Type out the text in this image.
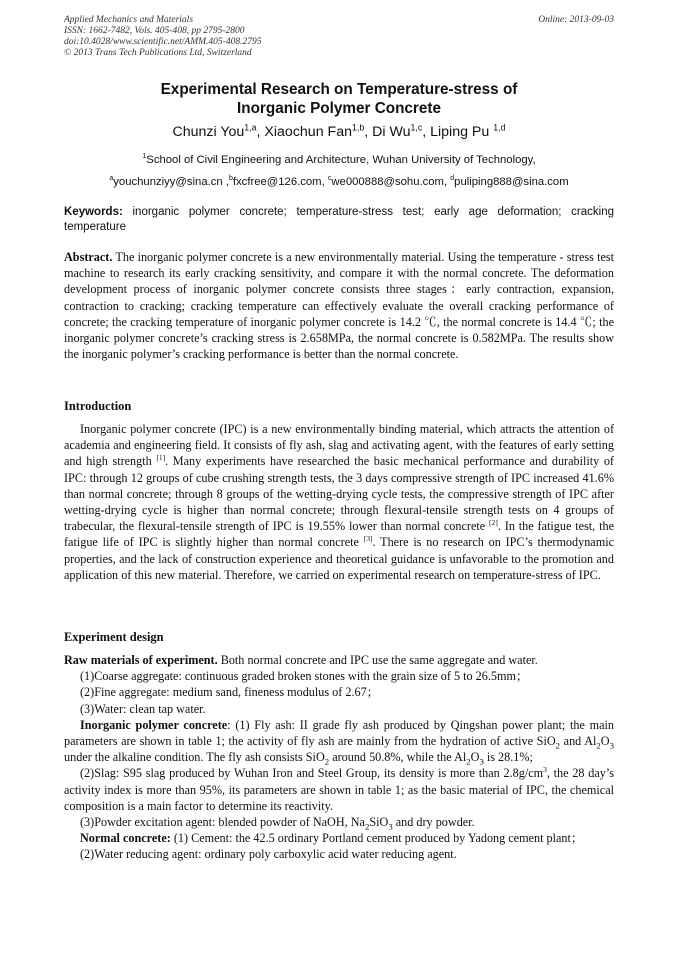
Applied Mechanics and Materials
ISSN: 1662-7482, Vols. 405-408, pp 2795-2800
doi:10.4028/www.scientific.net/AMM.405-408.2795
© 2013 Trans Tech Publications Ltd, Switzerland
Online: 2013-09-03
Experimental Research on Temperature-stress of
Inorganic Polymer Concrete
Chunzi You$^{1,a}$, Xiaochun Fan$^{1,b}$, Di Wu$^{1,c}$, Liping Pu $^{1,d}$
$^1$School of Civil Engineering and Architecture, Wuhan University of Technology,
$^a$youchunziyy@sina.cn ,$^b$fxcfree@126.com, $^c$we000888@sohu.com, $^d$puliping888@sina.com
Keywords: inorganic polymer concrete; temperature-stress test; early age deformation; cracking temperature

Abstract. The inorganic polymer concrete is a new environmentally material. Using the temperature - stress test machine to research its early cracking sensitivity, and compare it with the normal concrete. The deformation development process of inorganic polymer concrete consists three stages：early contraction, expansion, contraction to cracking; cracking temperature can effectively evaluate the overall cracking performance of concrete; the cracking temperature of inorganic polymer concrete is 14.2 ℃, the normal concrete is 14.4 ℃; the inorganic polymer concrete’s cracking stress is 2.658MPa, the normal concrete is 0.582MPa. The results show the inorganic polymer’s cracking performance is better than the normal concrete.

Introduction

Inorganic polymer concrete (IPC) is a new environmentally binding material, which attracts the attention of academia and engineering field. It consists of fly ash, slag and activating agent, with the features of early setting and high strength [1]. Many experiments have researched the basic mechanical performance and durability of IPC: through 12 groups of cube crushing strength tests, the 3 days compressive strength of IPC increased 41.6% than normal concrete; through 8 groups of the wetting-drying cycle tests, the compressive strength of IPC after wetting-drying cycle is higher than normal concrete; through flexural-tensile strength tests on 4 groups of trabecular, the flexural-tensile strength of IPC is 19.55% lower than normal concrete [2]. In the fatigue test, the fatigue life of IPC is slightly higher than normal concrete [3]. There is no research on IPC’s thermodynamic properties, and the lack of construction experience and theoretical guidance is unfavorable to the promotion and application of this new material. Therefore, we carried on experimental research on temperature-stress of IPC.

Experiment design

Raw materials of experiment. Both normal concrete and IPC use the same aggregate and water.

(1)Coarse aggregate: continuous graded broken stones with the grain size of 5 to 26.5mm；

(2)Fine aggregate: medium sand, fineness modulus of 2.67；

(3)Water: clean tap water.

Inorganic polymer concrete: (1) Fly ash: II grade fly ash produced by Qingshan power plant; the main parameters are shown in table 1; the activity of fly ash are mainly from the hydration of active SiO$_2$ and $Al_2O_3$ under the alkaline condition. The fly ash consists SiO$_2$ around 50.8%, while the $Al_2O_3$ is 28.1%;

(2)Slag: S95 slag produced by Wuhan Iron and Steel Group, its density is more than $2.8g/cm^3$, the 28 day’s activity index is more than 95%, its parameters are shown in table 1; as the basic material of IPC, the chemical composition is a main factor to determine its reactivity.

(3)Powder excitation agent: blended powder of NaOH, $Na_2SiO_3$ and dry powder.

Normal concrete: (1) Cement: the 42.5 ordinary Portland cement produced by Yadong cement plant；

(2)Water reducing agent: ordinary poly carboxylic acid water reducing agent.
